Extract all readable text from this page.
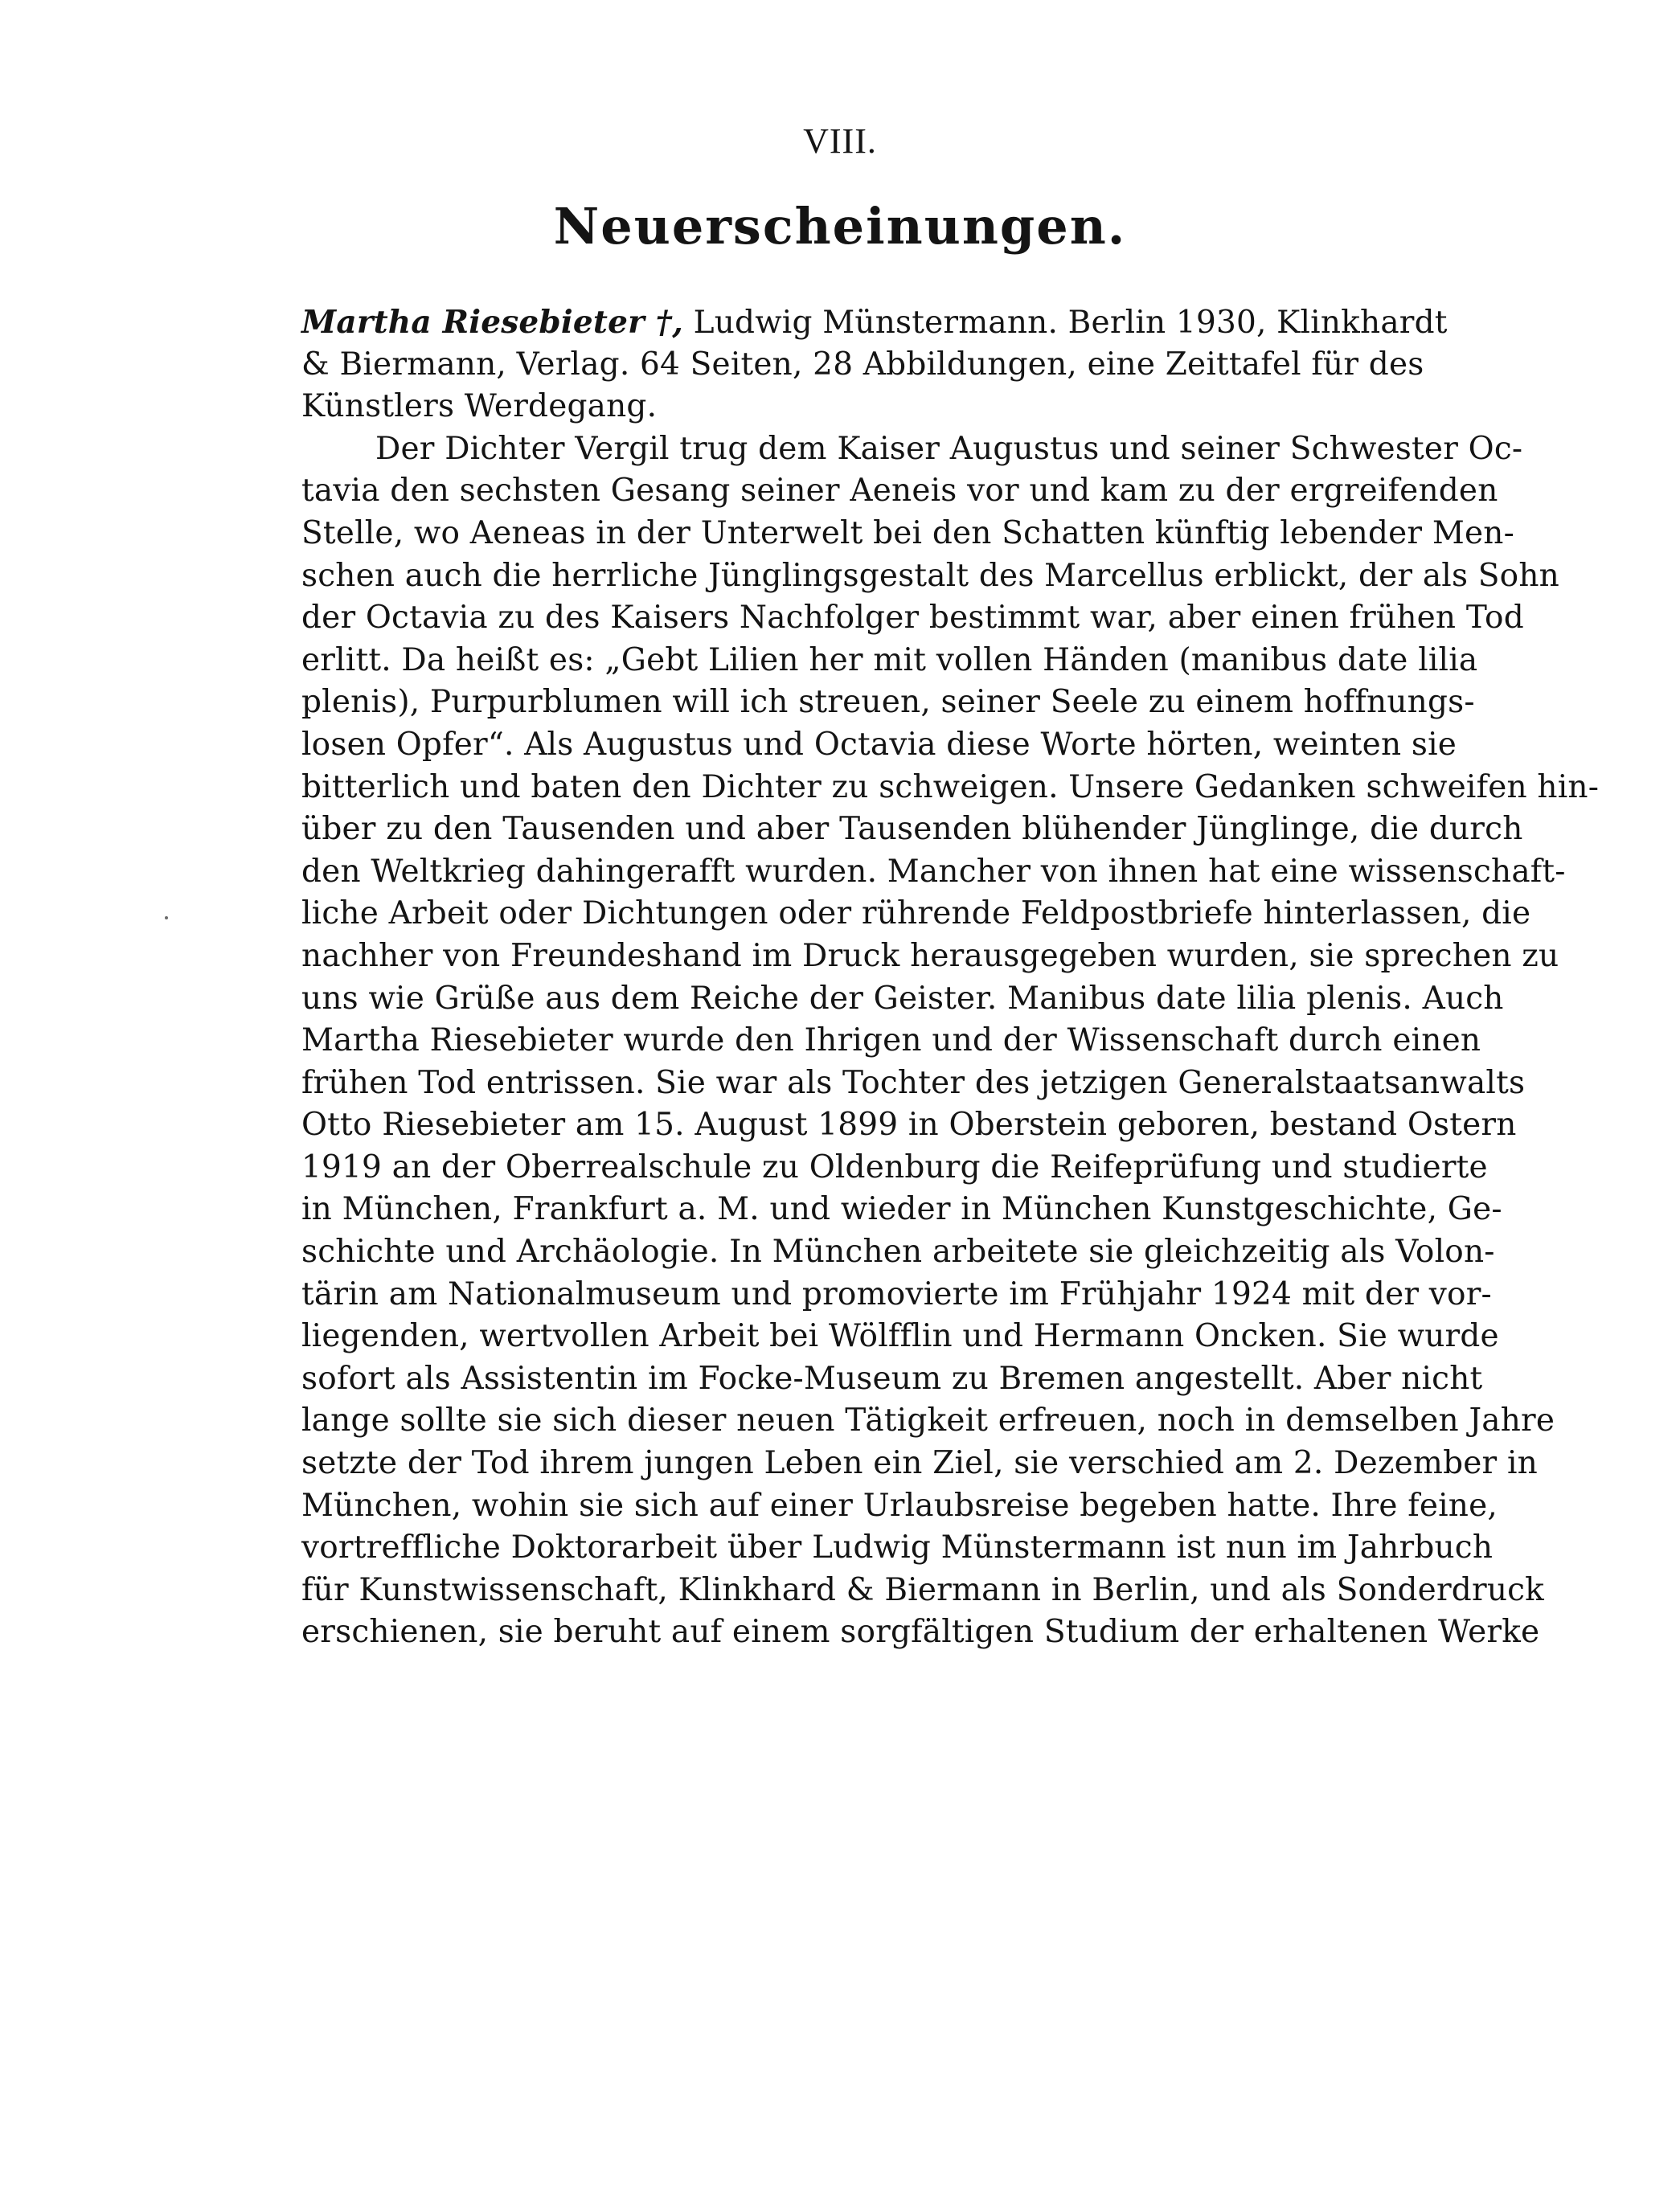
VIII.
Neuerscheinungen.
Martha Riesebieter †, Ludwig Münstermann. Berlin 1930, Klinkhardt
& Biermann, Verlag. 64 Seiten, 28 Abbildungen, eine Zeittafel für des
Künstlers Werdegang.
Der Dichter Vergil trug dem Kaiser Augustus und seiner Schwester Oc-
tavia den sechsten Gesang seiner Aeneis vor und kam zu der ergreifenden
Stelle, wo Aeneas in der Unterwelt bei den Schatten künftig lebender Men-
schen auch die herrliche Jünglingsgestalt des Marcellus erblickt, der als Sohn
der Octavia zu des Kaisers Nachfolger bestimmt war, aber einen frühen Tod
erlitt. Da heißt es: „Gebt Lilien her mit vollen Händen (manibus date lilia
plenis), Purpurblumen will ich streuen, seiner Seele zu einem hoffnungs-
losen Opfer“. Als Augustus und Octavia diese Worte hörten, weinten sie
bitterlich und baten den Dichter zu schweigen. Unsere Gedanken schweifen hin-
über zu den Tausenden und aber Tausenden blühender Jünglinge, die durch
den Weltkrieg dahingerafft wurden. Mancher von ihnen hat eine wissenschaft-
liche Arbeit oder Dichtungen oder rührende Feldpostbriefe hinterlassen, die
nachher von Freundeshand im Druck herausgegeben wurden, sie sprechen zu
uns wie Grüße aus dem Reiche der Geister. Manibus date lilia plenis. Auch
Martha Riesebieter wurde den Ihrigen und der Wissenschaft durch einen
frühen Tod entrissen. Sie war als Tochter des jetzigen Generalstaatsanwalts
Otto Riesebieter am 15. August 1899 in Oberstein geboren, bestand Ostern
1919 an der Oberrealschule zu Oldenburg die Reifeprüfung und studierte
in München, Frankfurt a. M. und wieder in München Kunstgeschichte, Ge-
schichte und Archäologie. In München arbeitete sie gleichzeitig als Volon-
tärin am Nationalmuseum und promovierte im Frühjahr 1924 mit der vor-
liegenden, wertvollen Arbeit bei Wölfflin und Hermann Oncken. Sie wurde
sofort als Assistentin im Focke-Museum zu Bremen angestellt. Aber nicht
lange sollte sie sich dieser neuen Tätigkeit erfreuen, noch in demselben Jahre
setzte der Tod ihrem jungen Leben ein Ziel, sie verschied am 2. Dezember in
München, wohin sie sich auf einer Urlaubsreise begeben hatte. Ihre feine,
vortreffliche Doktorarbeit über Ludwig Münstermann ist nun im Jahrbuch
für Kunstwissenschaft, Klinkhard & Biermann in Berlin, und als Sonderdruck
erschienen, sie beruht auf einem sorgfältigen Studium der erhaltenen Werke
